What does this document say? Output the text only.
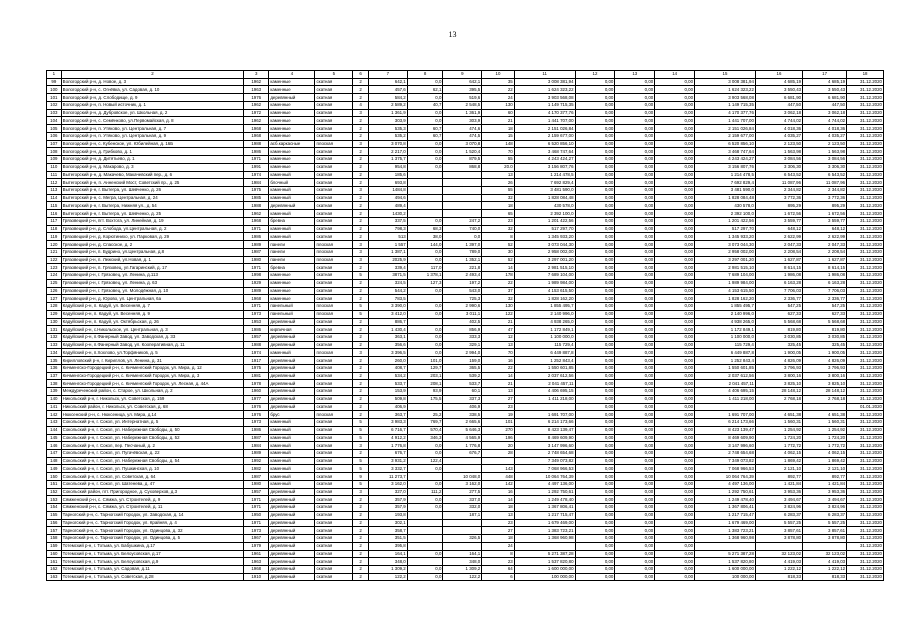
13
1	2	3	4	5	6	7	8	9	10	11	12	13	14	15	16	17	18
99	Вологодский р-н, д. Новое, д. 3	1962	каменные	скатная	2	642,1	0,0	642,1	35	3 008 381,94	0,00	0,00	0,00	3 008 381,94	4 685,19	4 685,19	31.12.2020
100	Вологодский р-н, с. Огнёвка, ул. Садовая, д. 10	1963	каменные	скатная	2	457,6	62,1	395,5	22	1 624 323,22	0,00	0,00	0,00	1 624 323,22	3 550,43	3 550,43	31.12.2020
101	Вологодский р-н, д. Слободище, д. 9	1976	деревянный	скатная	2	584,2	0,0	519,6	24	3 903 568,08	0,00	0,00	0,00	3 903 568,08	6 681,90	6 681,90	31.12.2020
102	Вологодский р-н, п. Новый источник, д. 1	1962	каменные	скатная	4	2 589,2	40,7	2 548,5	130	1 149 715,35	0,00	0,00	0,00	1 149 715,35	447,50	447,50	31.12.2020
103	Вологодский р-н, д. Дубровское, ул. Школьная, д. 2	1972	каменные	скатная	3	1 361,9	0,0	1 361,9	60	4 170 377,76	0,00	0,00	0,00	4 170 377,76	3 062,18	3 062,18	31.12.2020
104	Вологодский р-н, с. Семёнково, ул.Первомайская, д. 8	1962	каменные	скатная	2	303,9	0,0	303,9	21	1 441 707,00	0,00	0,00	0,00	1 441 707,00	4 744,02	4 744,02	31.12.2020
105	Вологодский р-н, п. Утяково, ул. Центральная, д. 7	1968	каменные	скатная	2	535,3	60,7	474,6	18	2 151 026,84	0,00	0,00	0,00	2 151 026,84	4 018,36	4 018,36	31.12.2020
106	Вологодский р-н, п. Утяково, ул. Центральная, д. 9	1968	каменные	скатная	2	535,2	60,7	474,5	15	2 159 677,00	0,00	0,00	0,00	2 159 677,00	4 035,27	4 035,27	31.12.2020
107	Вологодский р-н, с. Кубенское, ул. Юбилейная, д. 16Б	1988	асб.каркасные	плоская	3	3 070,8	0,0	3 070,8	148	6 520 856,10	0,00	0,00	0,00	6 520 856,10	2 123,50	2 123,50	31.12.2020
108	Вологодский р-н, д. Грибково, д. 1	1986	каменные	скатная	2	2 217,0	0,0	1 520,4	70	3 468 747,64	0,00	0,00	0,00	3 468 747,64	1 563,98	1 563,98	31.12.2020
109	Вологодский р-н, д. Дитятьево, д. 1	1971	каменные	скатная	2	1 375,7	0,0	879,5	55	4 243 424,27	0,00	0,00	0,00	4 243 424,27	3 084,56	3 084,56	31.12.2020
110	Вологодский р-н, д. Макарово, д. 3	1991	каменные	скатная	2	954,8	0,0	868,8	20.0	3 156 807,76	0,00	0,00	0,00	3 156 807,76	3 306,30	3 306,30	31.12.2020
111	Вытегорский р-н, д. Макачево, Макачевский пер., д. 6	1974	каменный	скатная	2	185,6			13	1 214 478,5	0,00	0,00	0,00	1 214 478,5	6 543,52	6 543,52	31.12.2020
112	Вытегорский р-н, п. Анненский Мост, Советский пр., д. 25	1984	блочный	скатная	2	693,8			26	7 692 829,4	0,00	0,00	0,00	7 692 829,4	11 087,96	11 087,96	31.12.2020
113	Вытегорский р-н, г. Вытегра, ул. Шевченко, д. 26	1975	каменный	скатная	3	1484,8			55	3 481 590,0	0,00	0,00	0,00	3 481 590,0	2 344,82	2 344,82	31.12.2020
114	Вытегорский р-н, с. Мегра, Центральная, д. 24	1985	каменный	скатная	2	494,6			32	1 828 084,48	0,00	0,00	0,00	1 828 084,48	3 772,36	3 772,36	31.12.2020
115	Вытегорский р-н, г. Вытегра, Нижняя ул., д. 54	1988	деревянный	скатная	2	489,4			18	430 578,0	0,00	0,00	0,00	430 578,0	895,29	895,29	31.12.2020
116	Вытегорский р-н, г. Вытегра, ул. Шевченко, д. 25	1962	каменный	скатная	2	1430,2			65	2 392 100,0	0,00	0,00	0,00	2 392 100,0	1 672,56	1 672,56	31.12.2020
117	Грязовецкий р-н, пгт. Вохтога, ул. Линейная, д. 19	1968	бревна	скатная	2	337,5	0,0	247,2	23	1 201 422,56	0,00	0,00	0,00	1 201 422,56	3 559,77	3 559,77	31.12.2020
118	Грязовецкий р-н, д. Слобода, ул.Центральная, д. 2	1971	каменный	скатная	2	798,3	68,3	740,0	32	517 297,70	0,00	0,00	0,00	517 297,70	648,12	648,12	31.12.2020
119	Грязовецкий р-н, д. Корютинихо, ул. Парковая, д. 29	1986	каменный	скатная	2	513	38,0	0,0	8	1 345 933,20	0,00	0,00	0,00	1 345 933,20	2 622,99	2 622,99	31.12.2020
120	Грязовецкий р-н, д. Спасское, д. 2	1989	панели	плоская	3	1 557	144,0	1 397,0	52	3 073 044,30	0,00	0,00	0,00	3 073 044,30	2 047,33	2 047,33	31.12.2020
121	Грязовецкий р-н, п. Будрино, ул.Центральная, д.8	1987	панели	плоская	3	1 387,1	0,0	789,0	30	2 958 002,00	0,00	0,00	0,00	2 958 002,00	2 208,54	2 208,54	31.12.2020
122	Грязовецкий р-н, п. Лежский, ул.Новая, д. 1	1980	панели	плоская	3	2025,9	0,0	1 352,1	52	3 297 001,20	0,00	0,00	0,00	3 297 001,20	1 627,87	1 627,87	31.12.2020
123	Грязовецкий р-н, п. Грязовец, ул.Гагаринский, д. 17	1971	бревна	скатная	2	339,4	117,0	221,8	14	2 981 515,10	0,00	0,00	0,00	2 981 515,10	8 614,15	8 614,15	31.12.2020
124	Грязовецкий р-н, г. Грязовец, ул. Ленина, д.113	1998	каменные	скатная	5	3871,5	1 378,1	2 493,4	178	7 689 104,00	0,00	0,00	0,00	7 689 104,00	1 986,08	1 986,08	31.12.2020
125	Грязовецкий р-н, г. Грязовец, ул. Ленина, д. 63	1929	каменные	скатная	2	324,5	127,3	197,2	22	1 989 984,00	0,00	0,00	0,00	1 989 984,00	6 163,28	6 163,28	31.12.2020
126	Грязовецкий р-н, г. Грязовец, ул. Молодёжная, д. 10	1989	каменные	скатная	2	544,2	0,0	543,0	37	4 153 615,50	0,00	0,00	0,00	4 153 615,50	7 706,03	7 706,03	31.12.2020
127	Грязовецкий р-н, д. Юрово, ул. Центральная, 6а	1968	каменные	скатная	2	783,5		725,3	32	1 828 162,20	0,00	0,00	0,00	1 828 162,20	2 336,77	2 336,77	31.12.2020
128	Кадуйский р-н, п. Кадуй, ул. Весенняя, д. 7	1971	панельный	плоская	5	3 390,0	0,0	2 990,6	130	1 855 495,7	0,00	0,00	0,00	1 855 495,7	547,25	547,25	31.12.2020
129	Кадуйский р-н, п. Кадуй, ул. Весенняя, д. 9	1973	панельный	плоская	5	3 412,0	0,0	3 011,1	122	2 140 996,0	0,00	0,00	0,00	2 140 996,0	627,33	627,33	31.12.2020
130	Кадуйский р-н, п. Кадуй, ул. Октябрьская, д. 26	1953	деревянный	скатная	2	886,7		402,5	21	4 938 265,0	0,00	0,00	0,00	4 938 265,0	5 568,68	5 568,68	31.12.2020
131	Кадуйский р-н, с.Никольское, ул. Центральная, д. 3	1986	кирпичная	скатная	2	1 430,4	0,0	856,9	47	1 172 849,1	0,00	0,00	0,00	1 172 849,1	819,80	819,80	31.12.2020
132	Кадуйский р-н, п.Фанерный Завод, ул. Заводская, д. 33	1957	деревянный	скатная	2	363,1	0,0	333,3	12	1 100 000,0	0,00	0,00	0,00	1 100 000,0	3 030,85	3 030,85	31.12.2020
133	Кадуйский р-н, п.Фанерный Завод, ул. Кооперативная, д. 11	1988	деревянный	скатная	2	356,6	0,0	329,1	13	115 729,4	0,00	0,00	0,00	115 729,4	325,45	325,45	31.12.2020
134	Кадуйский р-н, п.Хохлово, ул.Торфяников, д. 5	1974	каменный	плоская	3	3 396,5	0,0	2 994,0	70	6 449 887,8	0,00	0,00	0,00	6 449 887,8	1 900,05	1 900,05	31.12.2020
135	Кирилловский р-н, г. Кириллов, ул. Ленина, д. 31	1917	деревянный	скатная	2	260,0	101,0	159,0	16	1 252 843,4	0,00	0,00	0,00	1 252 843,4	4 826,09	4 826,09	31.12.2020
136	Кичменгско-Городецкий р-н, с. Кичменгский Городок, ул. Мира, д. 12	1975	деревянный	скатная	2	408,7	129,7	365,5	22	1 550 601,85	0,00	0,00	0,00	1 550 601,85	3 796,93	3 796,93	31.12.2020
137	Кичменгско-Городецкий р-н, с. Кичменгский Городок, ул. Мира, д. 3	1981	деревянный	скатная	2	534,2	203,1	539,2	14	2 037 612,56	0,00	0,00	0,00	2 037 612,56	3 800,16	3 800,16	31.12.2020
138	Кичменгско-Городецкий р-н, с. Кичменгский Городок, ул. Лесная, д. 44А	1978	деревянный	скатная	2	533,7	208,1	533,7	21	2 041 457,11	0,00	0,00	0,00	2 041 457,11	3 825,10	3 825,10	31.12.2020
139	Междуреченский район, с. Старое, ул. Школьная, д. 2	1960	деревянный	скатная	2	153,9	93,9	60,1	13	4 406 695,15	0,00	0,00	0,00	4 406 695,15	28 148,12	28 148,12	31.12.2020
140	Никольский р-н, г. Никольск, ул. Советская, д. 159	1977	деревянный	скатная	2	509,8	175,5	337,3	27	1 411 218,00	0,00	0,00	0,00	1 411 218,00	2 768,18	2 768,18	31.12.2020
141	Никольский район, г. Никольск, ул. Советская, д. 68	1976	деревянный	скатная	2	406,9		406,9	23		0,00	0,00	0,00				01.01.2020
142	Нюксенский р-н, с. Нюксеница, ул. Мира, д.14	1976	брус	плоская	2	363,7	25,2	338,5	19	1 691 707,00	0,00	0,00	0,00	1 691 707,00	4 651,38	4 651,38	31.12.2020
143	Сокольский р-н, г. Сокол, ул. Интернатная, д. 5	1973	каменный	скатная	5	3 983,3	769,7	2 665,6	101	6 214 173,66	0,00	0,00	0,00	6 214 173,66	1 560,31	1 560,31	31.12.2020
144	Сокольский р-н, г. Сокол, ул. Набережная Свободы, д. 50	1986	каменный	скатная	5	6 716,7	570,4	5 646,3	270	8 423 139,47	0,00	0,00	0,00	8 423 139,47	1 254,92	1 254,92	31.12.2020
145	Сокольский р-н, г. Сокол, ул. Набережная Свободы, д. 52	1987	каменный	скатная	5	4 912,2	346,3	4 565,9	196	8 469 609,90	0,00	0,00	0,00	8 469 609,90	1 724,20	1 724,20	31.12.2020
146	Сокольский р-н, г. Сокол, пер. Песчаный, д. 2	1984	каменный	скатная	3	1 776,8	0,0	1 776,8	20	3 147 996,60	0,00	0,00	0,00	3 147 996,60	1 772,72	1 772,72	31.12.2020
147	Сокольский р-н, г. Сокол, ул. Пугачёвская, д. 22	1989	каменный	скатная	2	676,7	0,0	676,7	28	2 748 654,68	0,00	0,00	0,00	2 748 654,68	4 062,15	4 062,15	31.12.2020
148	Сокольский р-н, г. Сокол, ул. Набережная Свободы, д. 54	1992	каменный	скатная	5	3 931,2	122,4			7 349 073,82	0,00	0,00	0,00	7 349 073,82	1 869,42	1 869,42	31.12.2020
149	Сокольский р-н, г. Сокол, ул. Пушкинская, д. 10	1982	каменный	скатная	5	3 332,7	0,0		143	7 068 966,53	0,00	0,00	0,00	7 068 966,53	2 121,10	2 121,10	31.12.2020
150	Сокольский р-н, г. Сокол, ул. Советская, д. 64	1987	каменный	скатная	9	11 273,7		10 048,0	448	10 064 764,39	0,00	0,00	0,00	10 064 764,39	892,77	892,77	31.12.2020
151	Сокольский р-н, г. Сокол, ул. Шатенева, д. 47	1980	каменный	скатная	5	3 162,0	0,0	3 162,0	142	4 497 136,00	0,00	0,00	0,00	4 497 136,00	1 421,84	1 421,84	31.12.2020
152	Сокольский район, пгт. Пригородное, д. Суховерхов, д.3	1957	деревянный	скатная	3	327,0	111,2	277,5	16	1 292 750,61	0,00	0,00	0,00	1 292 750,61	3 953,36	3 953,36	31.12.2020
153	Сямженский р-н, с. Сямжа, ул. Строителей, д. 9	1971	деревянный	скатная	2	357,9	0,0	337,0	14	1 249 478,40	0,00	0,00	0,00	1 249 478,40	3 494,67	3 494,67	31.12.2020
154	Сямженский р-н, с. Сямжа, ул. Строителей, д. 11	1971	деревянный	скатная	2	357,9	0,0	332,0	18	1 367 806,41	0,00	0,00	0,00	1 367 806,41	3 824,96	3 824,96	31.12.2020
155	Тарногский р-н, с. Тарногский Городок, ул. Заводская, д. 14	1950	деревянный	скатная	2	193,8		187,1	13	1 217 715,47	0,00	0,00	0,00	1 217 715,47	6 283,37	6 283,37	31.12.2020
156	Тарногский р-н, с. Тарногский Городок, ул. Крайняя, д. 4	1971	деревянный	скатная	2	302,1			23	1 679 469,00	0,00	0,00	0,00	1 679 469,00	5 557,25	5 557,25	31.12.2020
157	Тарногский р-н, с. Тарногский Городок, ул. Одинцова, д. 32	1973	деревянный	скатная	2	358,7			27	1 383 723,21	0,00	0,00	0,00	1 383 723,21	3 857,61	3 857,61	31.12.2020
158	Тарногский р-н, с. Тарногский Городок, ул. Одинцова, д. 5	1967	деревянный	скатная	2	351,5		326,5	18	1 368 960,98	0,00	0,00	0,00	1 368 960,98	3 878,80	3 878,80	31.12.2020
159	Тотемский р-н, г. Тотьма, ул. Бабушкина, д.17	1979	деревянный	скатная	2	395,8			24		0,00	0,00	0,00				31.12.2020
160	Тотемский р-н, г. Тотьма, ул. Белоусовская, д.17	1961	деревянный	скатная	2	164,1	0,0	164,1	8	5 271 387,28	0,00	0,00	0,00	5 271 387,28	32 123,02	32 123,02	31.12.2020
161	Тотемский р-н, г. Тотьма, ул. Белоусовская, д.9	1963	деревянный	скатная	2	348,0		348,0	23	1 537 820,80	0,00	0,00	0,00	1 537 820,80	4 419,03	4 419,03	31.12.2020
162	Тотемский р-н, г. Тотьма, ул. Садовая, д.11	1968	деревянный	скатная	2	1 309,2	0,0	1 309,2	64	1 600 000,00	0,00	0,00	0,00	1 600 000,00	1 222,12	1 222,12	31.12.2020
163	Тотемский р-н, г. Тотьма, ул. Советская, д.28	1910	деревянный	скатная	2	122,2	0,0	122,2	6	100 000,00	0,00	0,00	0,00	100 000,00	818,33	818,33	31.12.2020
